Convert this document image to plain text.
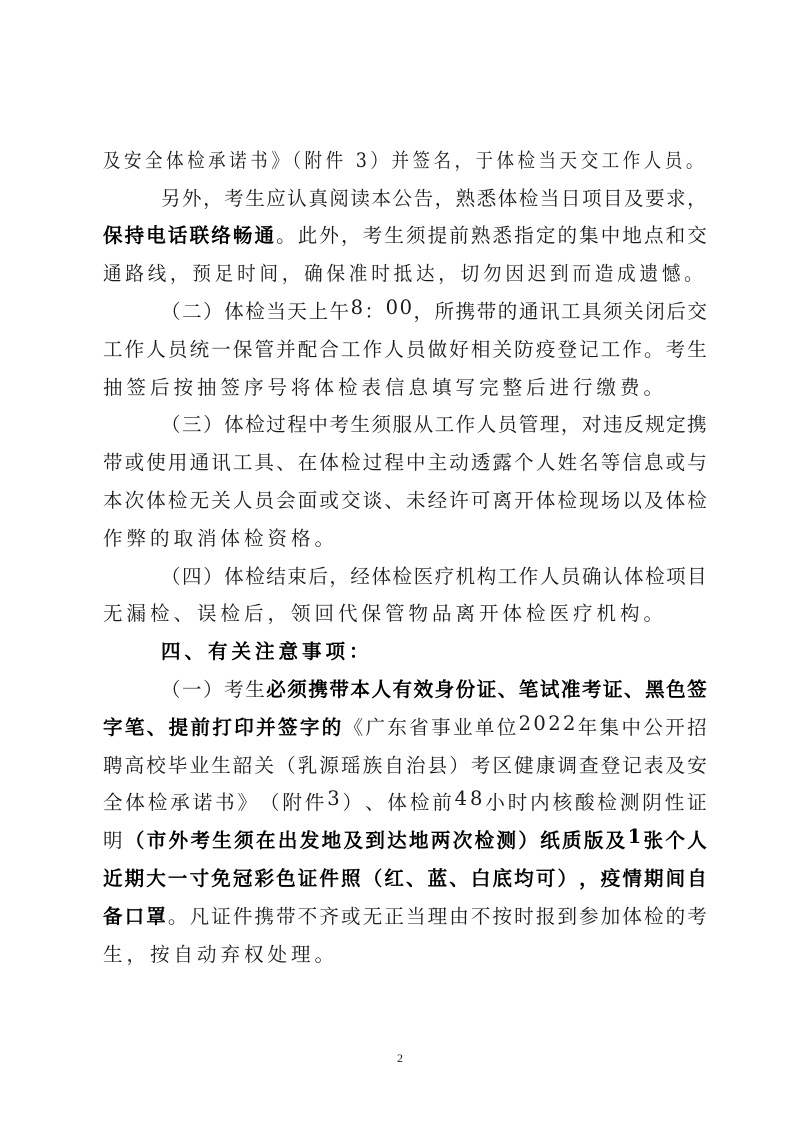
及安全体检承诺书》（附件 3）并签名，于体检当天交工作人员。
另 外 ， 考 生 应 认 真 阅 读 本 公 告 ， 熟 悉 体 检 当 日 项 目 及 要 求 ，
保 持 电 话 联 络 畅 通 。 此 外 ， 考 生 须 提 前 熟 悉 指 定 的 集 中 地 点 和 交
通路线，预足时间，确保准时抵达，切勿因迟到而造成遗憾。
（ 二 ） 体 检 当 天 上 午 8 ： 0 0 ， 所 携 带 的 通 讯 工 具 须 关 闭 后 交
工 作 人 员 统 一 保 管 并 配 合 工 作 人 员 做 好 相 关 防 疫 登 记 工 作 。 考 生
抽签后按抽签序号将体检表信息填写完整后进行缴费。
（ 三 ） 体 检 过 程 中 考 生 须 服 从 工 作 人 员 管 理 ， 对 违 反 规 定 携
带 或 使 用 通 讯 工 具 、 在 体 检 过 程 中 主 动 透 露 个 人 姓 名 等 信 息 或 与
本 次 体 检 无 关 人 员 会 面 或 交 谈 、 未 经 许 可 离 开 体 检 现 场 以 及 体 检
作弊的取消体检资格。
（ 四 ） 体 检 结 束 后 ， 经 体 检 医 疗 机 构 工 作 人 员 确 认 体 检 项 目
无漏检、误检后，领回代保管物品离开体检医疗机构。
四、有关注意事项：
（ 一 ） 考 生 必 须 携 带 本 人 有 效 身 份 证 、 笔 试 准 考 证 、 黑 色 签
字 笔 、 提 前 打 印 并 签 字 的 《 广 东 省 事 业 单 位 2 0 2 2 年 集 中 公 开 招
聘 高 校 毕 业 生 韶 关 （ 乳 源 瑶 族 自 治 县 ） 考 区 健 康 调 查 登 记 表 及 安
全 体 检 承 诺 书 》 （ 附 件 3 ） 、 体 检 前 4 8 小 时 内 核 酸 检 测 阴 性 证
明 （ 市 外 考 生 须 在 出 发 地 及 到 达 地 两 次 检 测 ） 纸 质 版 及 1 张 个 人
近 期 大 一 寸 免 冠 彩 色 证 件 照 （ 红 、 蓝 、 白 底 均 可 ） ， 疫 情 期 间 自
备 口 罩 。 凡 证 件 携 带 不 齐 或 无 正 当 理 由 不 按 时 报 到 参 加 体 检 的 考
生，按自动弃权处理。
2
